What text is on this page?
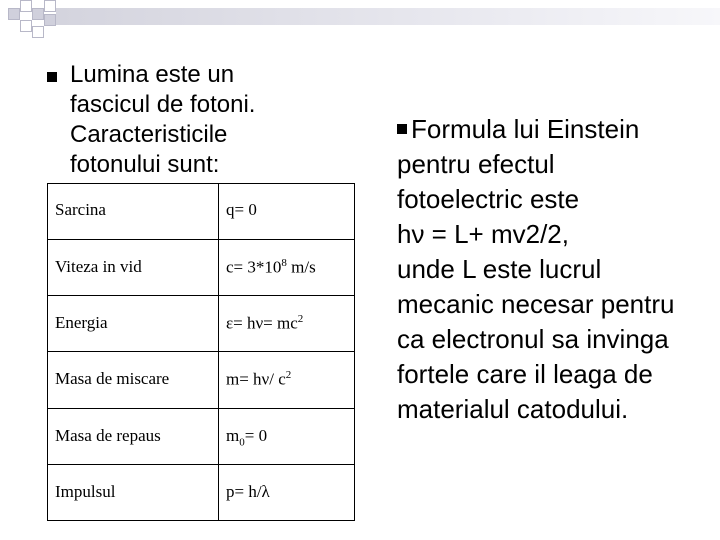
Lumina este un
fascicul de fotoni.
Caracteristicile
fotonului sunt:
Sarcina	q= 0
Viteza in vid	$c= 3*10^8$ m/s
Energia	$\varepsilon= h\nu= mc^2$
Masa de miscare	m= hν/ $c^2$
Masa de repaus	$m_0= 0$
Impulsul	p= h/λ
Formula lui Einstein
pentru efectul
fotoelectric este
hν = L+ mv2/2,
unde L este lucrul
mecanic necesar pentru
ca electronul sa invinga
fortele care il leaga de
materialul catodului.
